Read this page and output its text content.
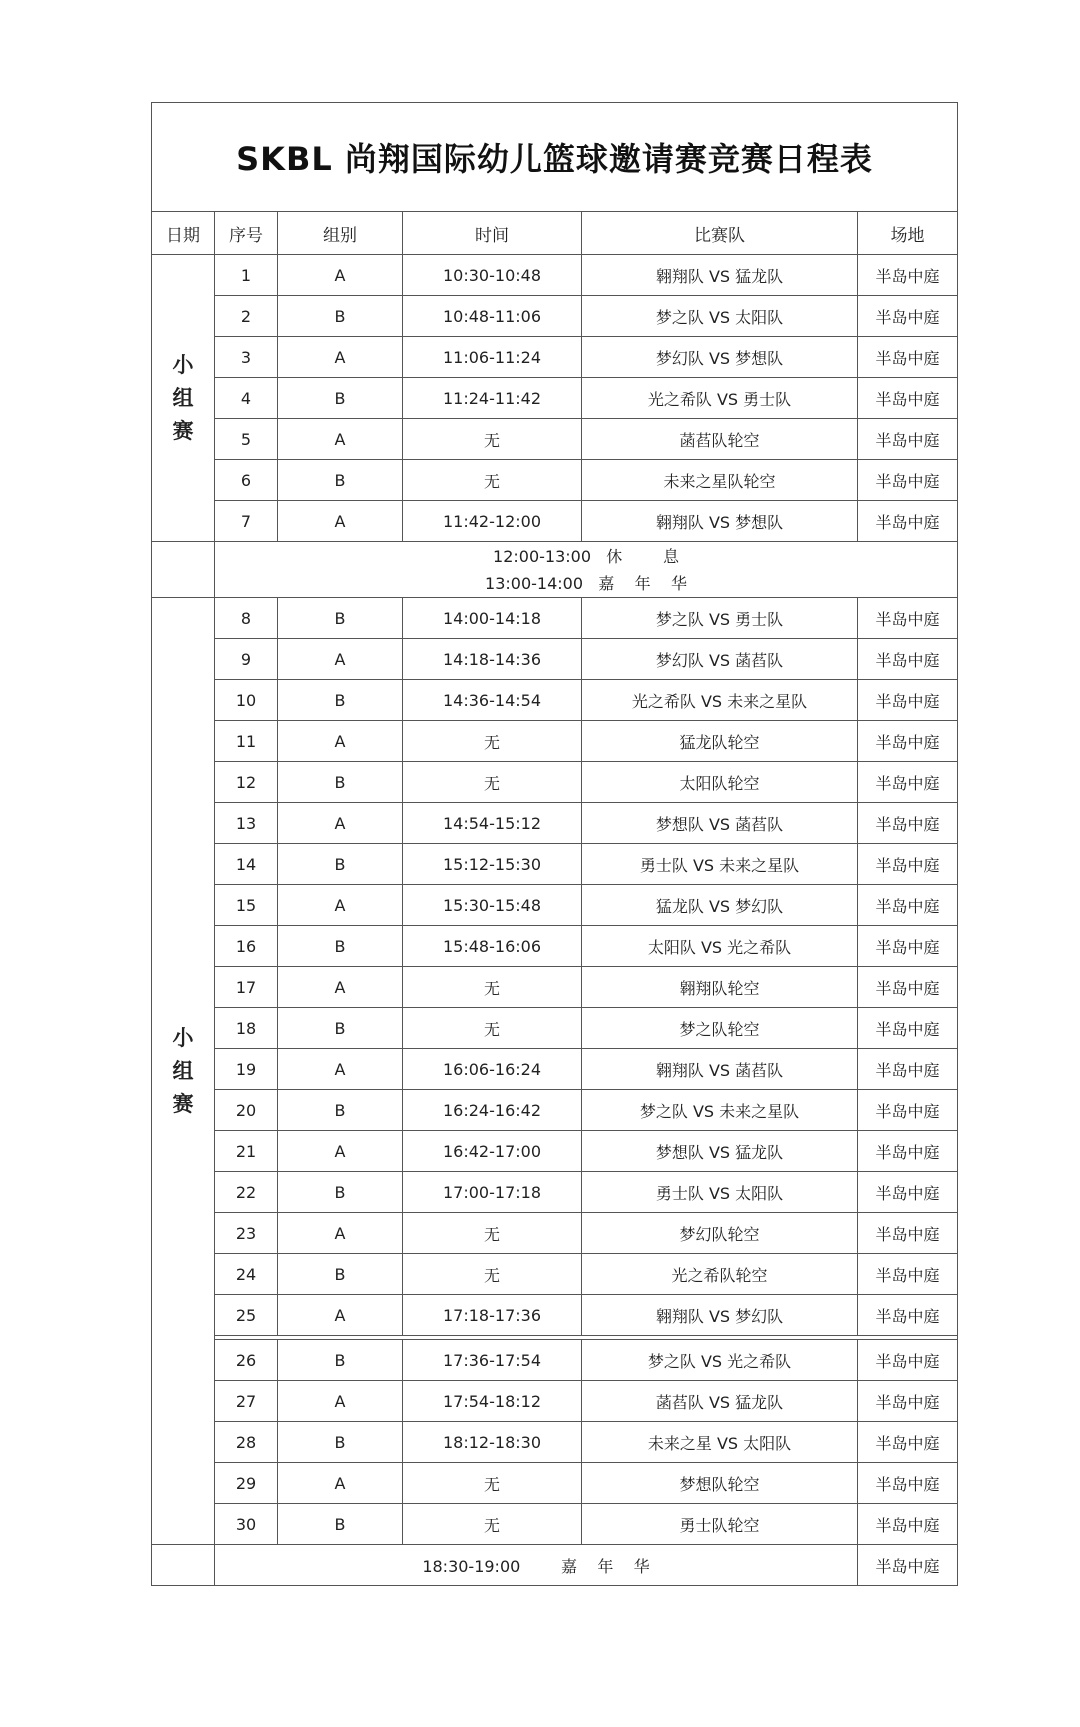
SKBL 尚翔国际幼儿篮球邀请赛竞赛日程表					
日期	序号	组别	时间	比赛队	场地

小
组
赛	1	A	10:30-10:48	翱翔队 VS 猛龙队	半岛中庭
	2	B	10:48-11:06	梦之队 VS 太阳队	半岛中庭
	3	A	11:06-11:24	梦幻队 VS 梦想队	半岛中庭
	4	B	11:24-11:42	光之希队 VS 勇士队	半岛中庭
	5	A	无	菡萏队轮空	半岛中庭
	6	B	无	未来之星队轮空	半岛中庭
	7	A	11:42-12:00	翱翔队 VS 梦想队	半岛中庭

	12:00-13:00   休        息
13:00-14:00   嘉    年    华				

小
组
赛	8	B	14:00-14:18	梦之队 VS 勇士队	半岛中庭
	9	A	14:18-14:36	梦幻队 VS 菡萏队	半岛中庭
	10	B	14:36-14:54	光之希队 VS 未来之星队	半岛中庭
	11	A	无	猛龙队轮空	半岛中庭
	12	B	无	太阳队轮空	半岛中庭
	13	A	14:54-15:12	梦想队 VS 菡萏队	半岛中庭
	14	B	15:12-15:30	勇士队 VS 未来之星队	半岛中庭
	15	A	15:30-15:48	猛龙队 VS 梦幻队	半岛中庭
	16	B	15:48-16:06	太阳队 VS 光之希队	半岛中庭
	17	A	无	翱翔队轮空	半岛中庭
	18	B	无	梦之队轮空	半岛中庭
	19	A	16:06-16:24	翱翔队 VS 菡萏队	半岛中庭
	20	B	16:24-16:42	梦之队 VS 未来之星队	半岛中庭
	21	A	16:42-17:00	梦想队 VS 猛龙队	半岛中庭
	22	B	17:00-17:18	勇士队 VS 太阳队	半岛中庭
	23	A	无	梦幻队轮空	半岛中庭
	24	B	无	光之希队轮空	半岛中庭
	25	A	17:18-17:36	翱翔队 VS 梦幻队	半岛中庭

	26	B	17:36-17:54	梦之队 VS 光之希队	半岛中庭
	27	A	17:54-18:12	菡萏队 VS 猛龙队	半岛中庭
	28	B	18:12-18:30	未来之星 VS 太阳队	半岛中庭
	29	A	无	梦想队轮空	半岛中庭
	30	B	无	勇士队轮空	半岛中庭
	18:30-19:00        嘉    年    华				半岛中庭
